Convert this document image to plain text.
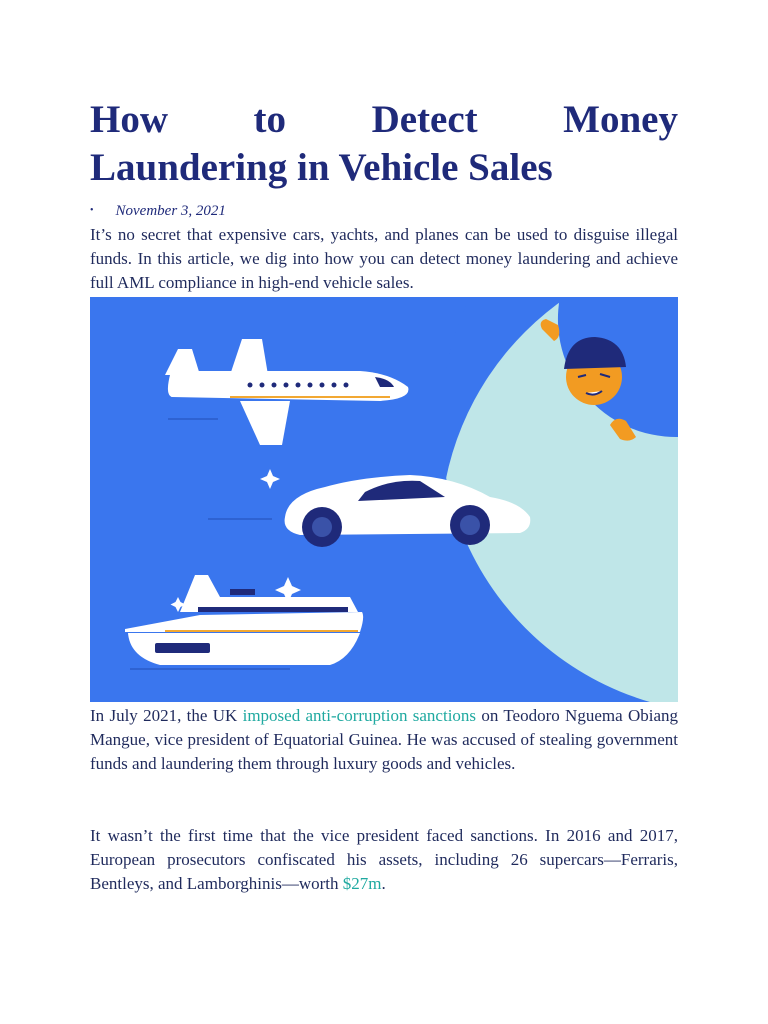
How to Detect Money
Laundering in Vehicle Sales
• November 3, 2021

It’s no secret that expensive cars, yachts, and planes can be used to disguise illegal funds. In this article, we dig into how you can detect money laundering and achieve full AML compliance in high-end vehicle sales.

In July 2021, the UK imposed anti-corruption sanctions on Teodoro Nguema Obiang Mangue, vice president of Equatorial Guinea. He was accused of stealing government funds and laundering them through luxury goods and vehicles.

It wasn’t the first time that the vice president faced sanctions. In 2016 and 2017, European prosecutors confiscated his assets, including 26 supercars—Ferraris, Bentleys, and Lamborghinis—worth $27m.
